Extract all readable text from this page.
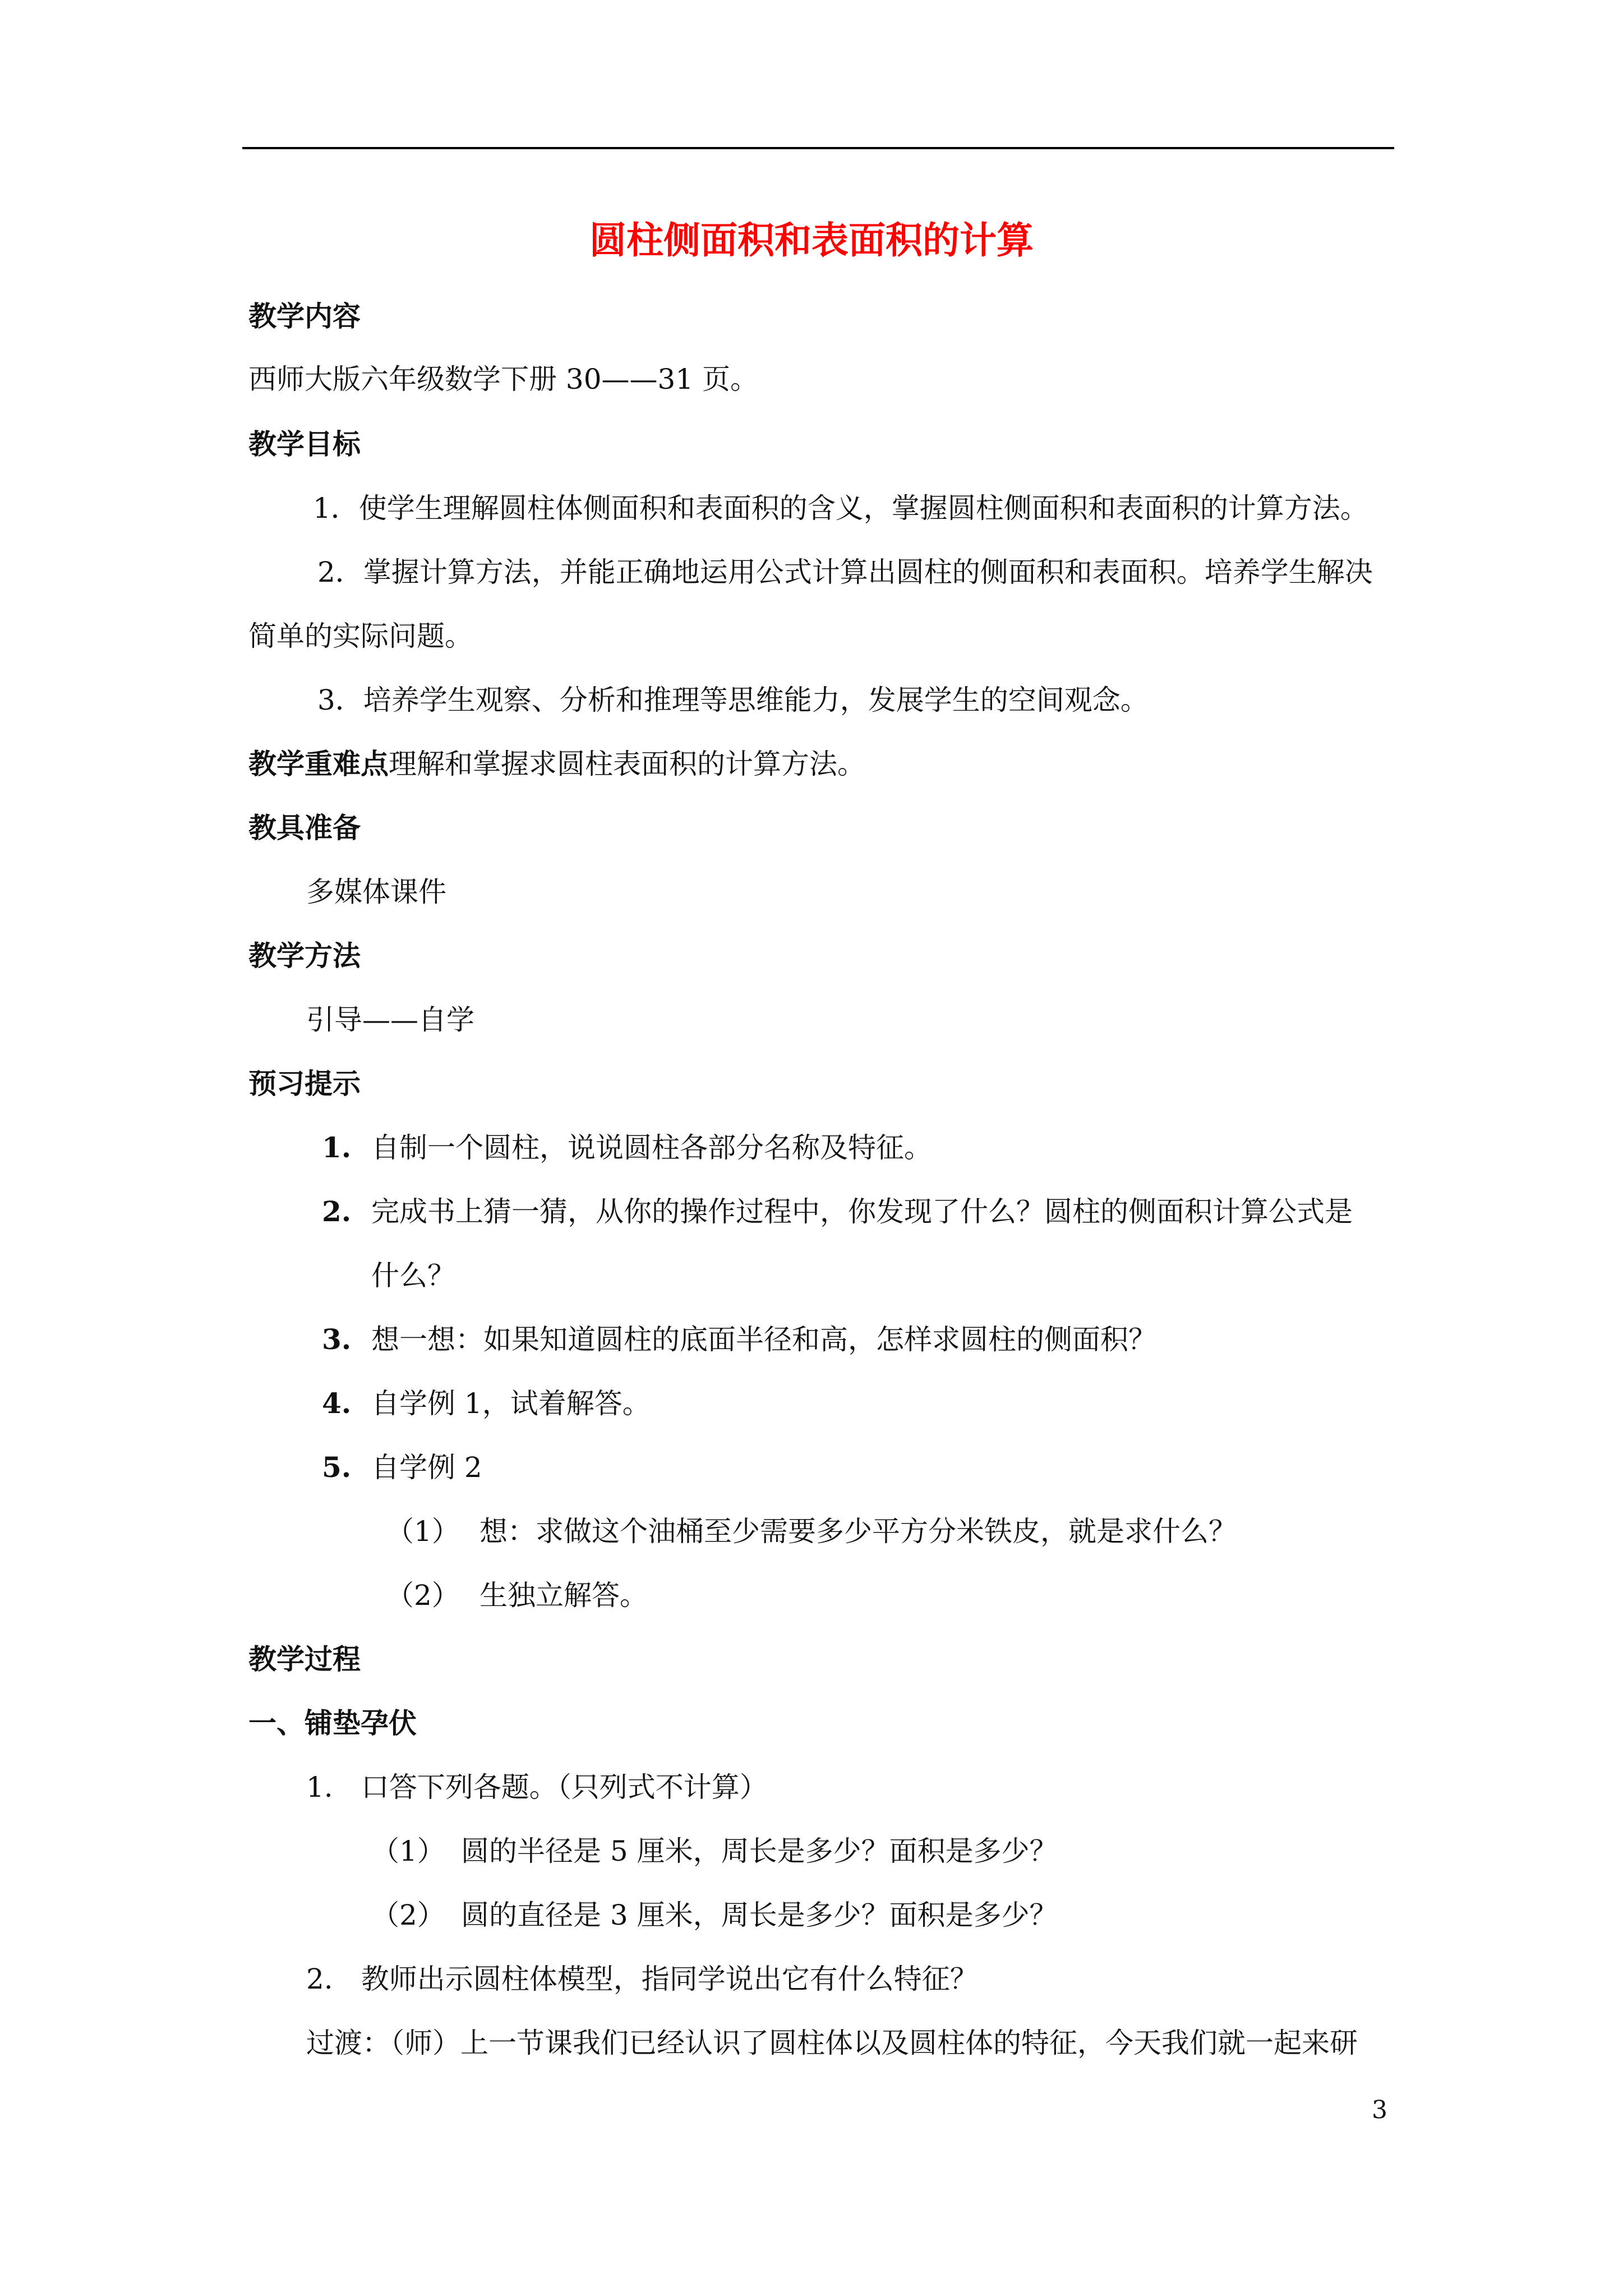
圆柱侧面积和表面积的计算
教学内容
西师大版六年级数学下册 30——31 页。
教学目标
1．使学生理解圆柱体侧面积和表面积的含义，掌握圆柱侧面积和表面积的计算方法。
2．掌握计算方法，并能正确地运用公式计算出圆柱的侧面积和表面积。培养学生解决
简单的实际问题。
3．培养学生观察、分析和推理等思维能力，发展学生的空间观念。
教学重难点理解和掌握求圆柱表面积的计算方法。
教具准备
多媒体课件
教学方法
引导——自学
预习提示
1. 自制一个圆柱，说说圆柱各部分名称及特征。
2. 完成书上猜一猜，从你的操作过程中，你发现了什么？圆柱的侧面积计算公式是
什么？
3. 想一想：如果知道圆柱的底面半径和高，怎样求圆柱的侧面积？
4. 自学例 1，试着解答。
5. 自学例 2
（1） 想：求做这个油桶至少需要多少平方分米铁皮，就是求什么？
（2） 生独立解答。
教学过程
一、铺垫孕伏
1.　口答下列各题。（只列式不计算）
（1） 圆的半径是 5 厘米，周长是多少？面积是多少？
（2） 圆的直径是 3 厘米，周长是多少？面积是多少？
2.　教师出示圆柱体模型，指同学说出它有什么特征？
过渡：（师）上一节课我们已经认识了圆柱体以及圆柱体的特征，今天我们就一起来研
3
